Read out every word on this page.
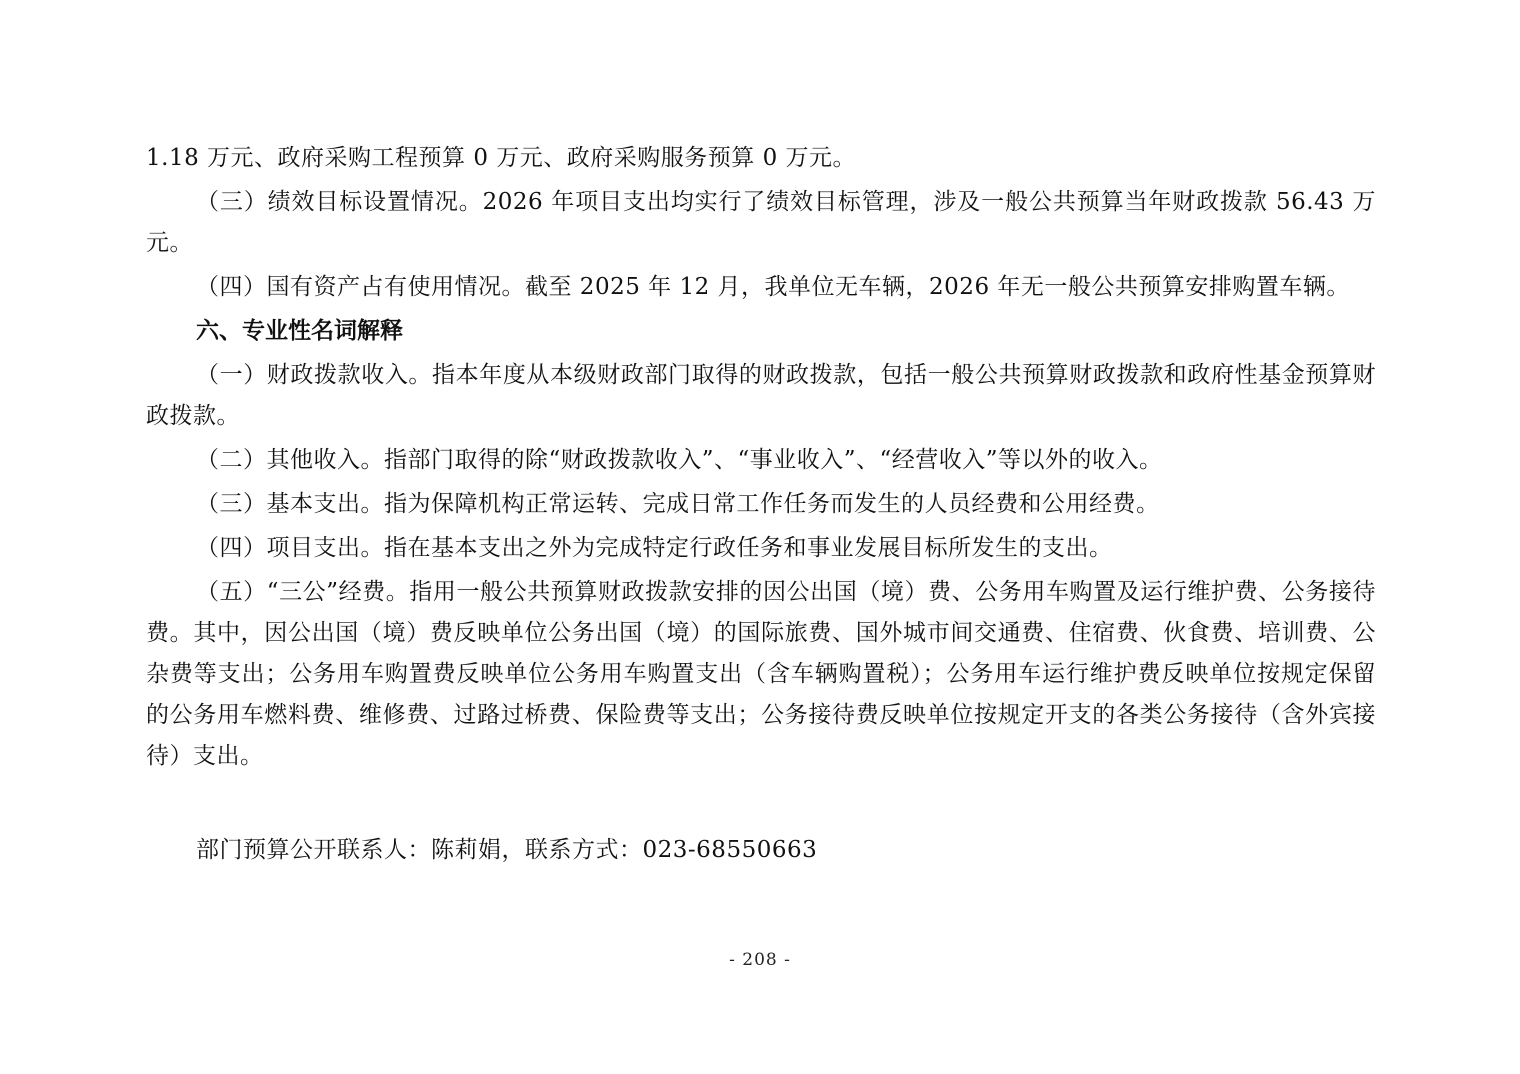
1.18 万元、政府采购工程预算 0 万元、政府采购服务预算 0 万元。

（三）绩效目标设置情况。2026 年项目支出均实行了绩效目标管理，涉及一般公共预算当年财政拨款 56.43 万元。

（四）国有资产占有使用情况。截至 2025 年 12 月，我单位无车辆，2026 年无一般公共预算安排购置车辆。

六、专业性名词解释

（一）财政拨款收入。指本年度从本级财政部门取得的财政拨款，包括一般公共预算财政拨款和政府性基金预算财政拨款。

（二）其他收入。指部门取得的除“财政拨款收入”、“事业收入”、“经营收入”等以外的收入。

（三）基本支出。指为保障机构正常运转、完成日常工作任务而发生的人员经费和公用经费。

（四）项目支出。指在基本支出之外为完成特定行政任务和事业发展目标所发生的支出。

（五）“三公”经费。指用一般公共预算财政拨款安排的因公出国（境）费、公务用车购置及运行维护费、公务接待费。其中，因公出国（境）费反映单位公务出国（境）的国际旅费、国外城市间交通费、住宿费、伙食费、培训费、公杂费等支出；公务用车购置费反映单位公务用车购置支出（含车辆购置税）；公务用车运行维护费反映单位按规定保留的公务用车燃料费、维修费、过路过桥费、保险费等支出；公务接待费反映单位按规定开支的各类公务接待（含外宾接待）支出。

部门预算公开联系人：陈莉娟，联系方式：023-68550663

- 208 -
